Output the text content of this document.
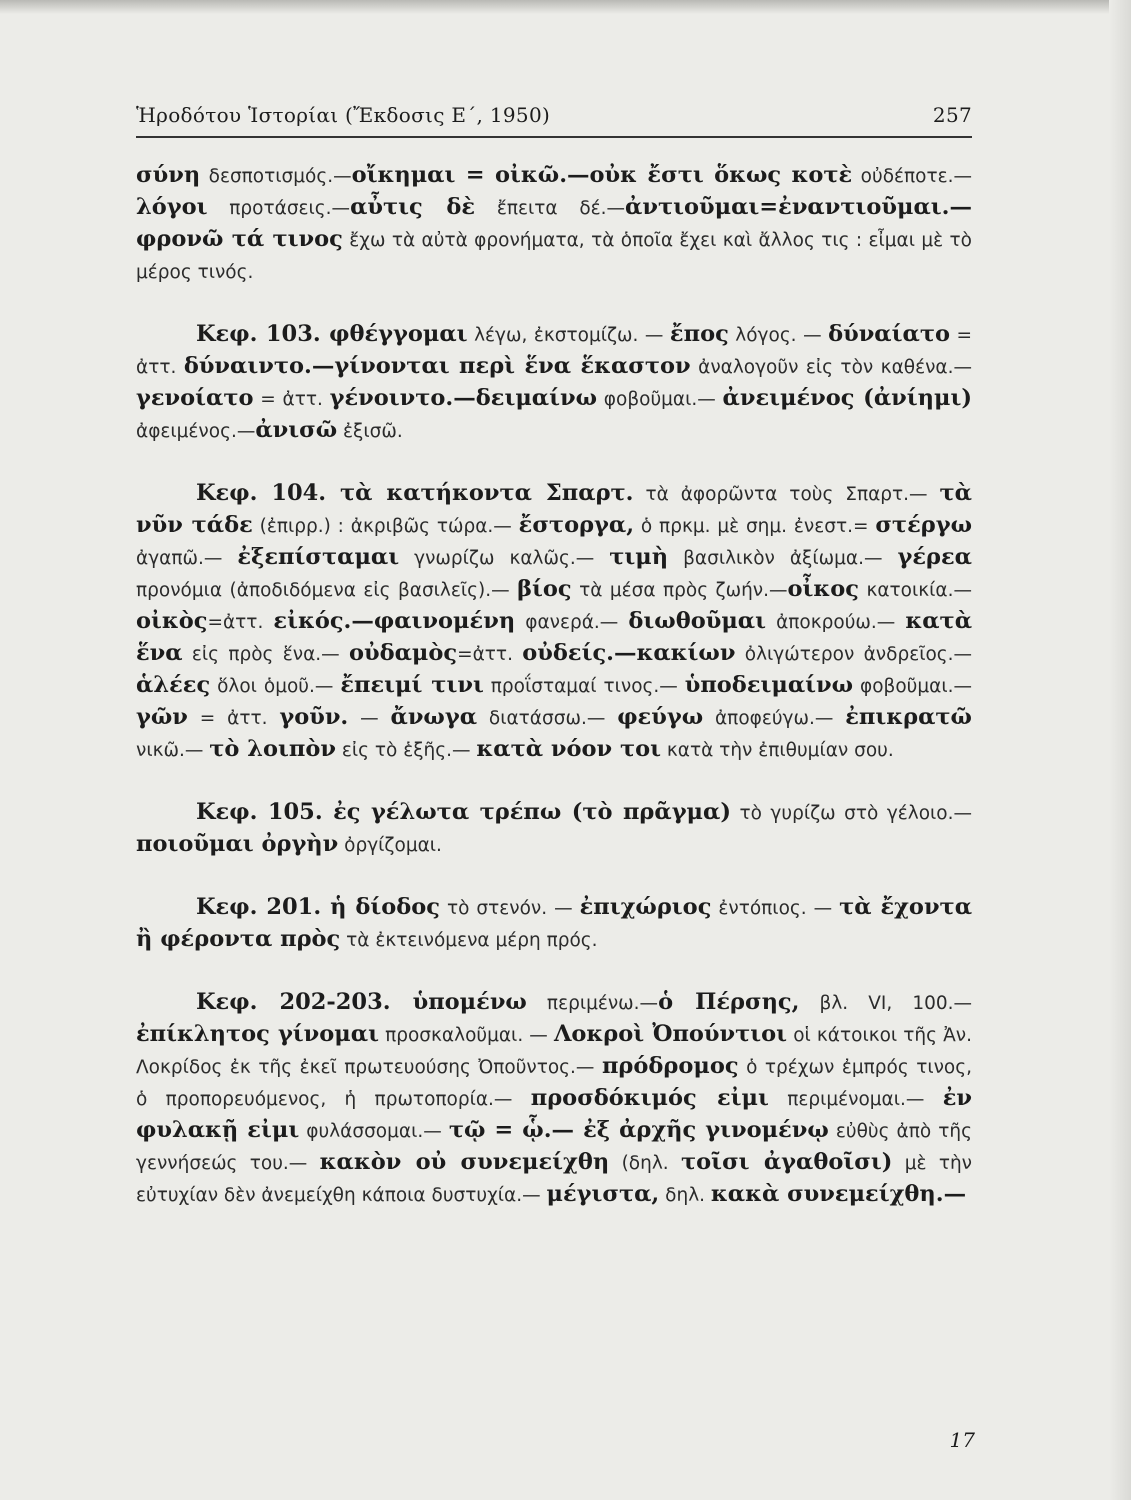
Ἡροδότου Ἱστορίαι (Ἔκδοσις Ε΄, 1950)	257

σύνη δεσποτισμός.—οἴκημαι = οἰκῶ.—οὐκ ἔστι ὅκως κοτὲ οὐδέποτε.—λόγοι προτάσεις.—αὖτις δὲ ἔπειτα δέ.—ἀντιοῦμαι=ἐναντιοῦμαι.— φρονῶ τά τινος ἔχω τὰ αὐτὰ φρονήματα, τὰ ὁποῖα ἔχει καὶ ἄλλος τις : εἶμαι μὲ τὸ μέρος τινός.

Κεφ. 103. φθέγγομαι λέγω, ἐκστομίζω. — ἔπος λόγος. — δύναίατο = ἀττ. δύναιντο.—γίνονται περὶ ἕνα ἕκαστον ἀναλογοῦν εἰς τὸν καθένα.—γενοίατο = ἀττ. γένοιντο.—δειμαίνω φοβοῦμαι.— ἀνειμένος (ἀνίημι) ἀφειμένος.—ἀνισῶ ἐξισῶ.

Κεφ. 104. τὰ κατήκοντα Σπαρτ. τὰ ἀφορῶντα τοὺς Σπαρτ.— τὰ νῦν τάδε (ἐπιρρ.) : ἀκριβῶς τώρα.— ἔστοργα, ὁ πρκμ. μὲ σημ. ἐνεστ.= στέργω ἀγαπῶ.— ἐξεπίσταμαι γνωρίζω καλῶς.— τιμὴ βασιλικὸν ἀξίωμα.— γέρεα προνόμια (ἀποδιδόμενα εἰς βασιλεῖς).— βίος τὰ μέσα πρὸς ζωήν.—οἶκος κατοικία.—οἰκὸς=ἀττ. εἰκός.—φαινομένη φανερά.— διωθοῦμαι ἀποκρούω.— κατὰ ἕνα εἰς πρὸς ἕνα.— οὐδαμὸς=ἀττ. οὐδείς.—κακίων ὀλιγώτερον ἀνδρεῖος.—ἁλέες ὅλοι ὁμοῦ.— ἔπειμί τινι προΐσταμαί τινος.— ὑποδειμαίνω φοβοῦμαι.— γῶν = ἀττ. γοῦν. — ἄνωγα διατάσσω.— φεύγω ἀποφεύγω.— ἐπικρατῶ νικῶ.— τὸ λοιπὸν εἰς τὸ ἑξῆς.— κατὰ νόον τοι κατὰ τὴν ἐπιθυμίαν σου.

Κεφ. 105. ἐς γέλωτα τρέπω (τὸ πρᾶγμα) τὸ γυρίζω στὸ γέλοιο.—ποιοῦμαι ὀργὴν ὀργίζομαι.

Κεφ. 201. ἡ δίοδος τὸ στενόν. — ἐπιχώριος ἐντόπιος. — τὰ ἔχοντα ἢ φέροντα πρὸς τὰ ἐκτεινόμενα μέρη πρός.

Κεφ. 202-203. ὑπομένω περιμένω.—ὁ Πέρσης, βλ. VI, 100.— ἐπίκλητος γίνομαι προσκαλοῦμαι. — Λοκροὶ Ὀπούντιοι οἱ κάτοικοι τῆς Ἀν. Λοκρίδος ἐκ τῆς ἐκεῖ πρωτευούσης Ὀποῦντος.— πρόδρομος ὁ τρέχων ἐμπρός τινος, ὁ προπορευόμενος, ἡ πρωτοπορία.— προσδόκιμός εἰμι περιμένομαι.— ἐν φυλακῇ εἰμι φυλάσσομαι.— τῷ = ᾧ.— ἐξ ἀρχῆς γινομένῳ εὐθὺς ἀπὸ τῆς γεννήσεώς του.— κακὸν οὐ συνεμείχθη (δηλ. τοῖσι ἀγαθοῖσι) μὲ τὴν εὐτυχίαν δὲν ἀνεμείχθη κάποια δυστυχία.— μέγιστα, δηλ. κακὰ συνεμείχθη.—

17
